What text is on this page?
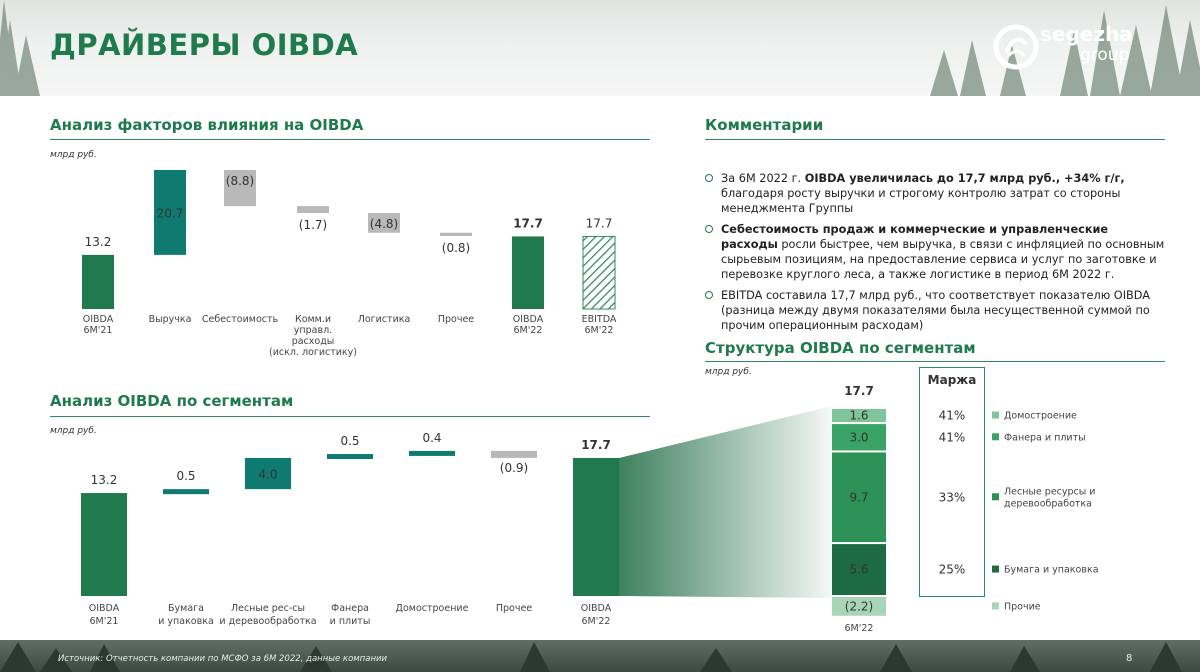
ДРАЙВЕРЫ OIBDA	segezha
group
Анализ факторов влияния на OIBDA
млрд руб.
Анализ OIBDA по сегментам
млрд руб.
Комментарии
Структура OIBDA по сегментам
млрд руб.
За 6М 2022 г. OIBDA увеличилась до 17,7 млрд руб., +34% г/г, благодаря росту выручки и строгому контролю затрат со стороны менеджмента Группы
Себестоимость продаж и коммерческие и управленческие расходы росли быстрее, чем выручка, в связи с инфляцией по основным сырьевым позициям, на предоставление сервиса и услуг по заготовке и перевозке круглого леса, а также логистике в период 6М 2022 г.
EBITDA составила 17,7 млрд руб., что соответствует показателю OIBDA (разница между двумя показателями была несущественной суммой по прочим операционным расходам)
13.2
OIBDA
6М'21
20.7
Выручка
(8.8)
Себестоимость
(1.7)
Комм.и
управл.
расходы
(искл. логистику)
(4.8)
Логистика
(0.8)
Прочее
17.7
OIBDA
6М'22
17.7
EBITDA
6М'22
13.2
OIBDA
6М'21
0.5
Бумага
и упаковка
4.0
Лесные рес-сы
и деревообработка
0.5
Фанера
и плиты
0.4
Домостроение
(0.9)
Прочее
17.7
OIBDA
6М'22
(2.2)	Прочие
5.6	Бумага и упаковка
25%
9.7	Лесные ресурсы и
деревообработка
33%
3.0	Фанера и плиты
41%
1.6	Домостроение
41%
17.7
6М'22
Маржа
Источник: Отчетность компании по МСФО за 6М 2022, данные компании	8
